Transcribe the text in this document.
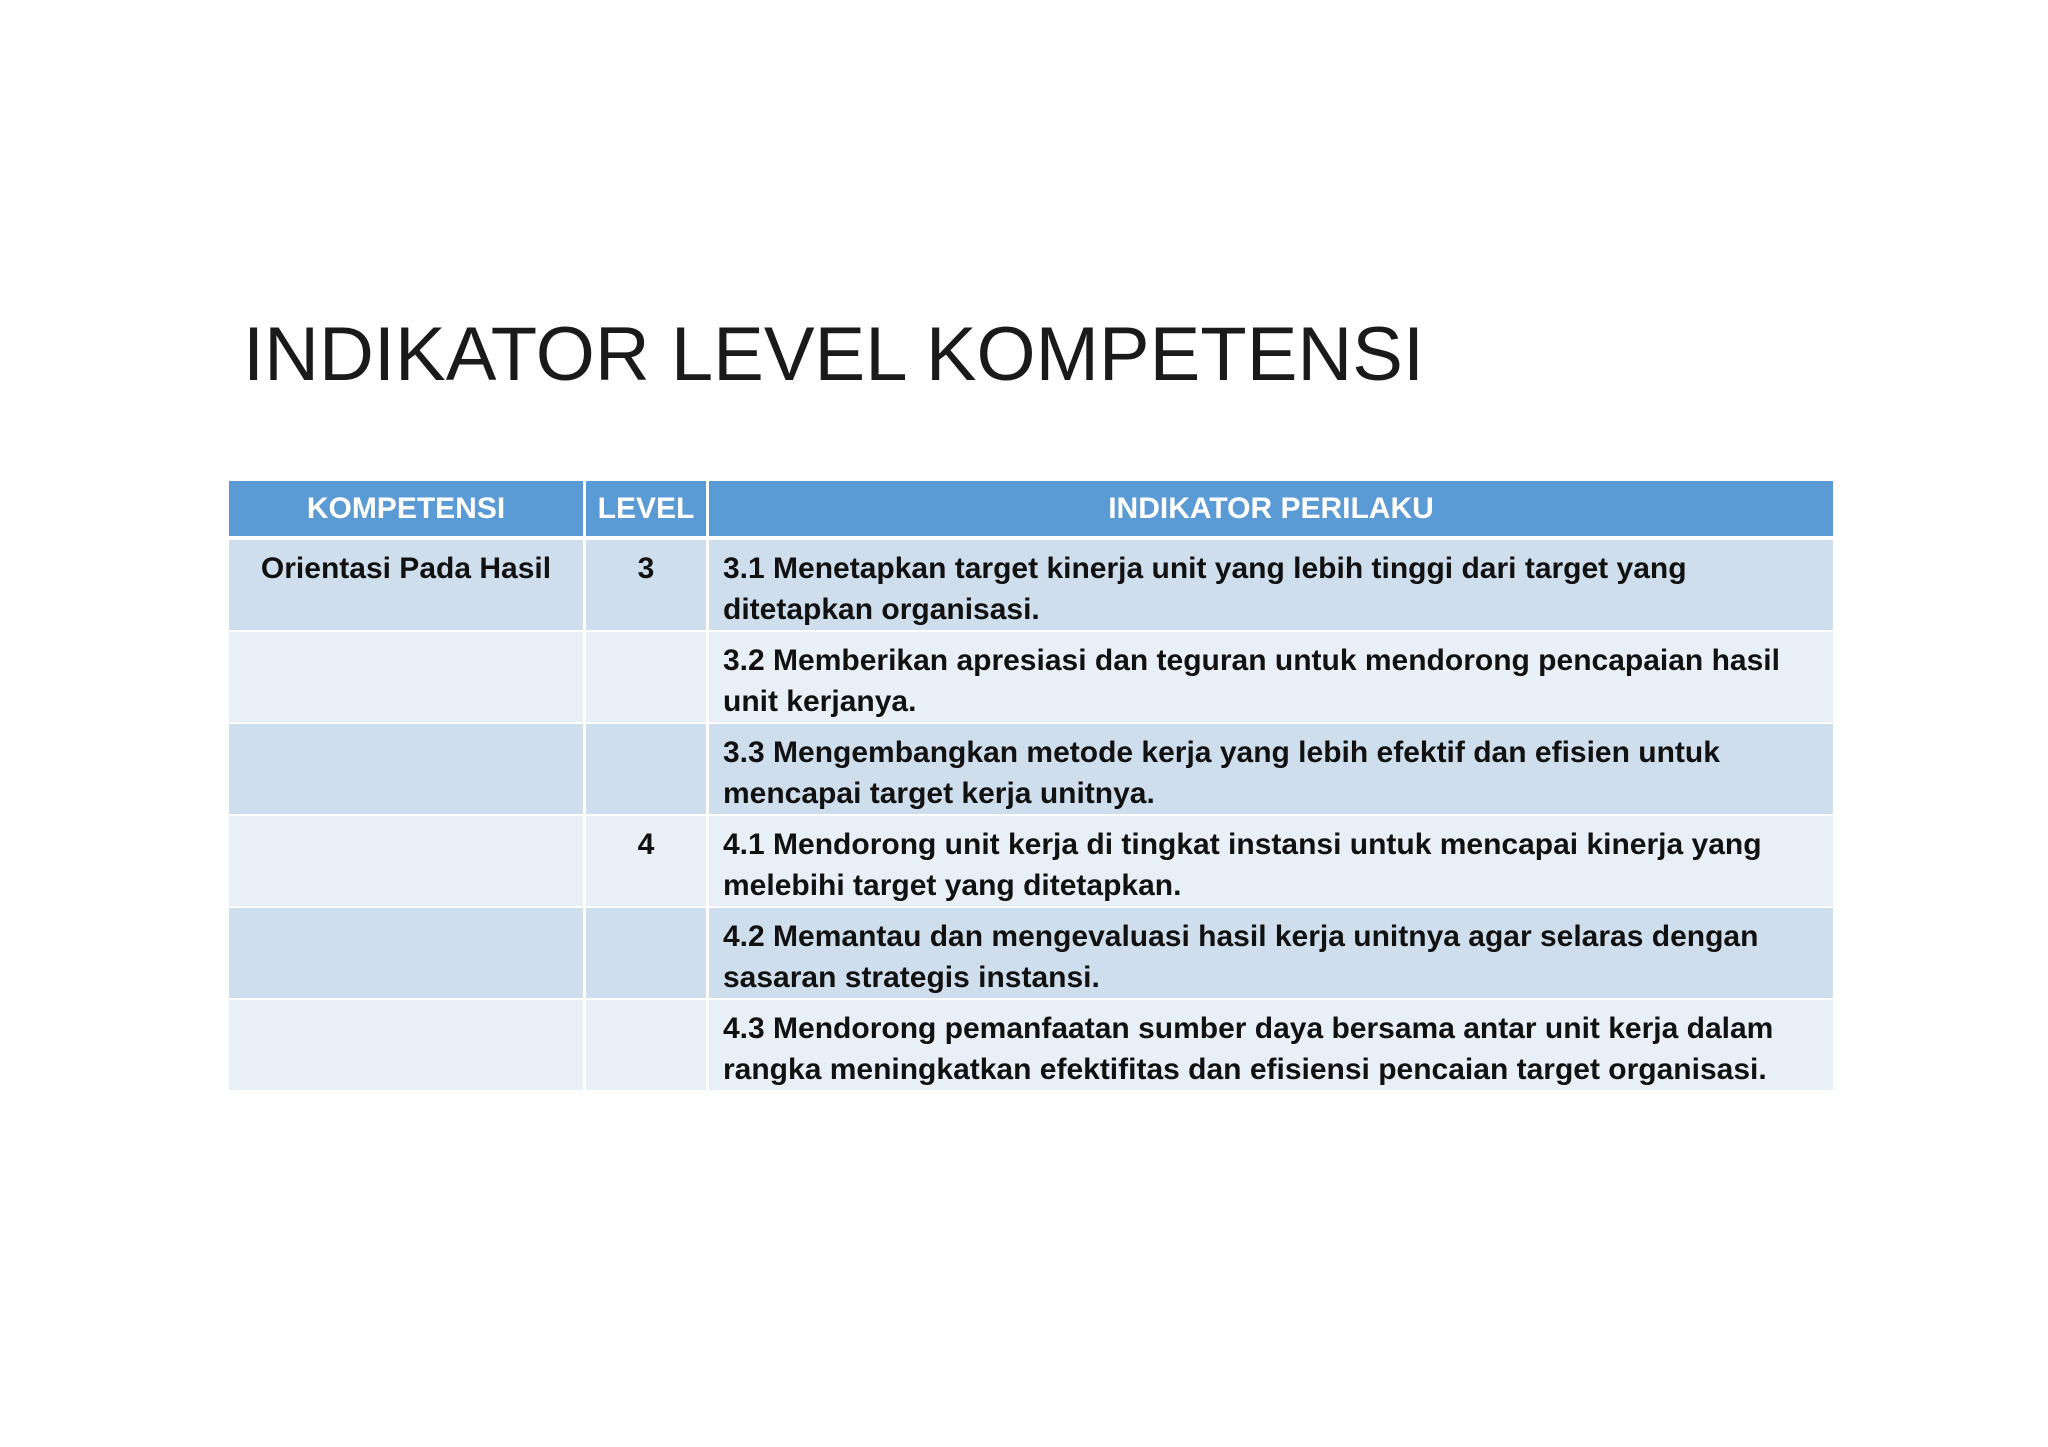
INDIKATOR LEVEL KOMPETENSI
KOMPETENSI	LEVEL	INDIKATOR PERILAKU
Orientasi Pada Hasil	3	3.1 Menetapkan target kinerja unit yang lebih tinggi dari target yang ditetapkan organisasi.
		3.2 Memberikan apresiasi dan teguran untuk mendorong pencapaian hasil unit kerjanya.
		3.3 Mengembangkan metode kerja yang lebih efektif dan efisien untuk mencapai target kerja unitnya.
	4	4.1 Mendorong unit kerja di tingkat instansi untuk mencapai kinerja yang melebihi target yang ditetapkan.
		4.2 Memantau dan mengevaluasi hasil kerja unitnya agar selaras dengan sasaran strategis instansi.
		4.3 Mendorong pemanfaatan sumber daya bersama antar unit kerja dalam rangka meningkatkan efektifitas dan efisiensi pencaian target organisasi.
